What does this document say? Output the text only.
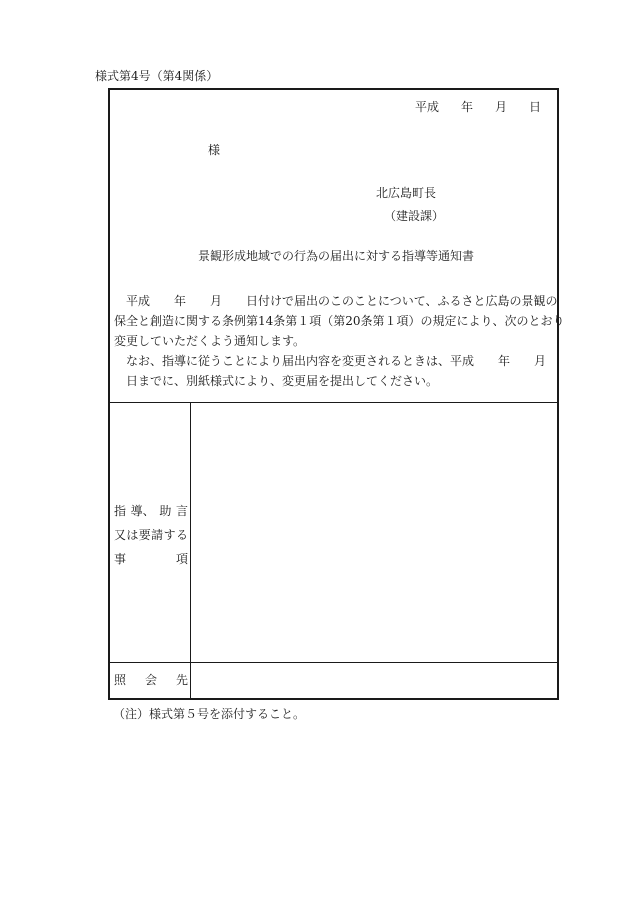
様式第4号（第4関係）
平成 年 月 日
様
北広島町長
（建設課）
景観形成地域での行為の届出に対する指導等通知書
　平成　　年　　月　　日付けで届出のこのことについて、ふるさと広島の景観の
保全と創造に関する条例第14条第１項（第20条第１項）の規定により、次のとおり
変更していただくよう通知します。
　なお、指導に従うことにより届出内容を変更されるときは、平成　　年　　月
　日までに、別紙様式により、変更届を提出してください。
指 導、 助 言
又 は 要 請 す る
事	項
照 会 先
（注）様式第５号を添付すること。
